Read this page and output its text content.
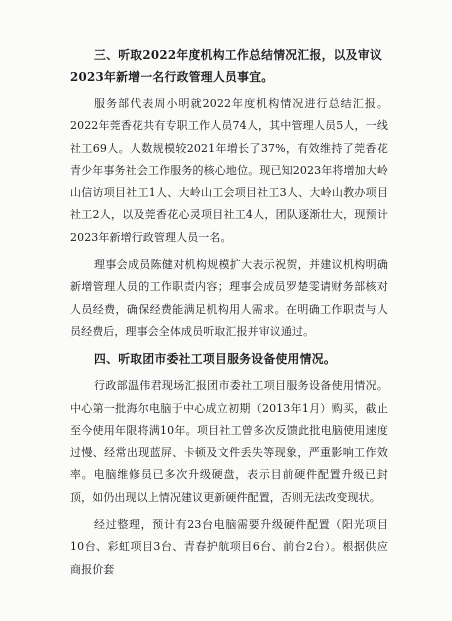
三、听取2022年度机构工作总结情况汇报，以及审议2023年新增一名行政管理人员事宜。
服务部代表周小明就2022年度机构情况进行总结汇报。2022年莞香花共有专职工作人员74人，其中管理人员5人，一线社工69人。人数规模较2021年增长了37%，有效维持了莞香花青少年事务社会工作服务的核心地位。现已知2023年将增加大岭山信访项目社工1人、大岭山工会项目社工3人、大岭山教办项目社工2人，以及莞香花心灵项目社工4人，团队逐渐壮大，现预计2023年新增行政管理人员一名。
理事会成员陈健对机构规模扩大表示祝贺，并建议机构明确新增管理人员的工作职责内容；理事会成员罗楚雯请财务部核对人员经费，确保经费能满足机构用人需求。在明确工作职责与人员经费后，理事会全体成员听取汇报并审议通过。
四、听取团市委社工项目服务设备使用情况。
行政部温伟君现场汇报团市委社工项目服务设备使用情况。中心第一批海尔电脑于中心成立初期（2013年1月）购买，截止至今使用年限将满10年。项目社工曾多次反馈此批电脑使用速度过慢、经常出现蓝屏、卡顿及文件丢失等现象，严重影响工作效率。电脑维修员已多次升级硬盘，表示目前硬件配置升级已封顶，如仍出现以上情况建议更新硬件配置，否则无法改变现状。
经过整理，预计有23台电脑需要升级硬件配置（阳光项目10台、彩虹项目3台、青春护航项目6台、前台2台）。根据供应商报价套
